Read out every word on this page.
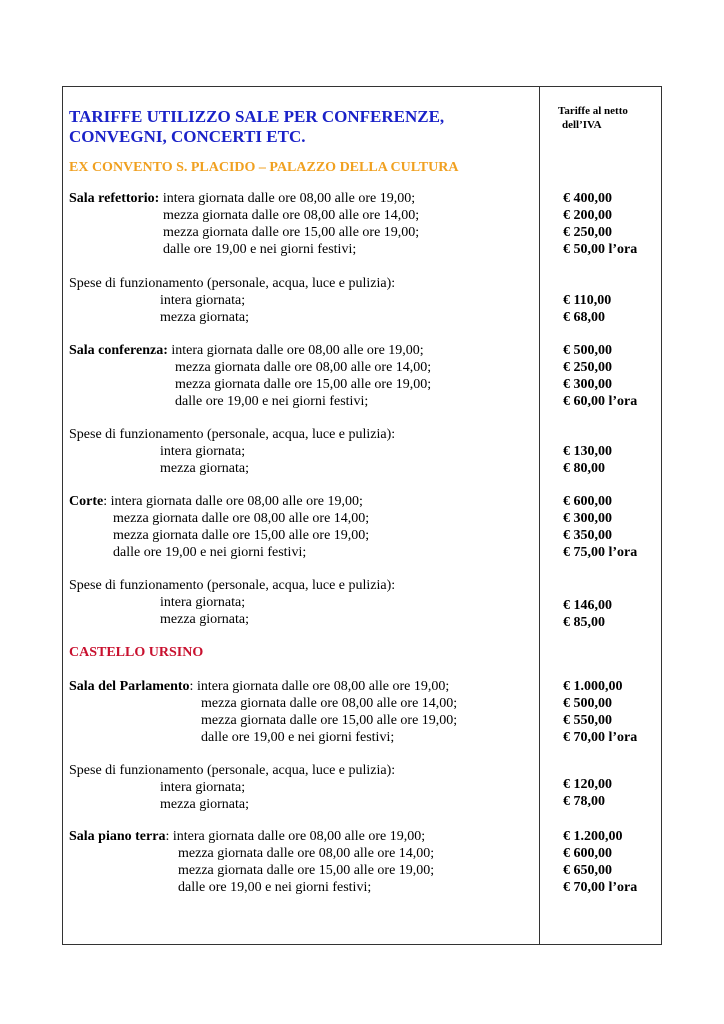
TARIFFE UTILIZZO SALE PER CONFERENZE,
CONVEGNI, CONCERTI ETC.
Tariffe al netto
dell’IVA
EX CONVENTO S. PLACIDO – PALAZZO DELLA CULTURA
Sala refettorio: intera giornata dalle ore 08,00 alle ore 19,00;
mezza giornata dalle ore 08,00 alle ore 14,00;
mezza giornata dalle ore 15,00 alle ore 19,00;
dalle ore 19,00 e nei giorni festivi;
€ 400,00
€ 200,00
€ 250,00
€ 50,00 l’ora
Spese di funzionamento (personale, acqua, luce e pulizia):
intera giornata;
mezza giornata;
€ 110,00
€ 68,00
Sala conferenza: intera giornata dalle ore 08,00 alle ore 19,00;
mezza giornata dalle ore 08,00 alle ore 14,00;
mezza giornata dalle ore 15,00 alle ore 19,00;
dalle ore 19,00 e nei giorni festivi;
€ 500,00
€ 250,00
€ 300,00
€ 60,00 l’ora
Spese di funzionamento (personale, acqua, luce e pulizia):
intera giornata;
mezza giornata;
€ 130,00
€ 80,00
Corte: intera giornata dalle ore 08,00 alle ore 19,00;
mezza giornata dalle ore 08,00 alle ore 14,00;
mezza giornata dalle ore 15,00 alle ore 19,00;
dalle ore 19,00 e nei giorni festivi;
€ 600,00
€ 300,00
€ 350,00
€ 75,00 l’ora
Spese di funzionamento (personale, acqua, luce e pulizia):
intera giornata;
mezza giornata;
€ 146,00
€ 85,00
CASTELLO URSINO
Sala del Parlamento: intera giornata dalle ore 08,00 alle ore 19,00;
mezza giornata dalle ore 08,00 alle ore 14,00;
mezza giornata dalle ore 15,00 alle ore 19,00;
dalle ore 19,00 e nei giorni festivi;
€ 1.000,00
€ 500,00
€ 550,00
€ 70,00 l’ora
Spese di funzionamento (personale, acqua, luce e pulizia):
intera giornata;
mezza giornata;
€ 120,00
€ 78,00
Sala piano terra: intera giornata dalle ore 08,00 alle ore 19,00;
mezza giornata dalle ore 08,00 alle ore 14,00;
mezza giornata dalle ore 15,00 alle ore 19,00;
dalle ore 19,00 e nei giorni festivi;
€ 1.200,00
€ 600,00
€ 650,00
€ 70,00 l’ora
